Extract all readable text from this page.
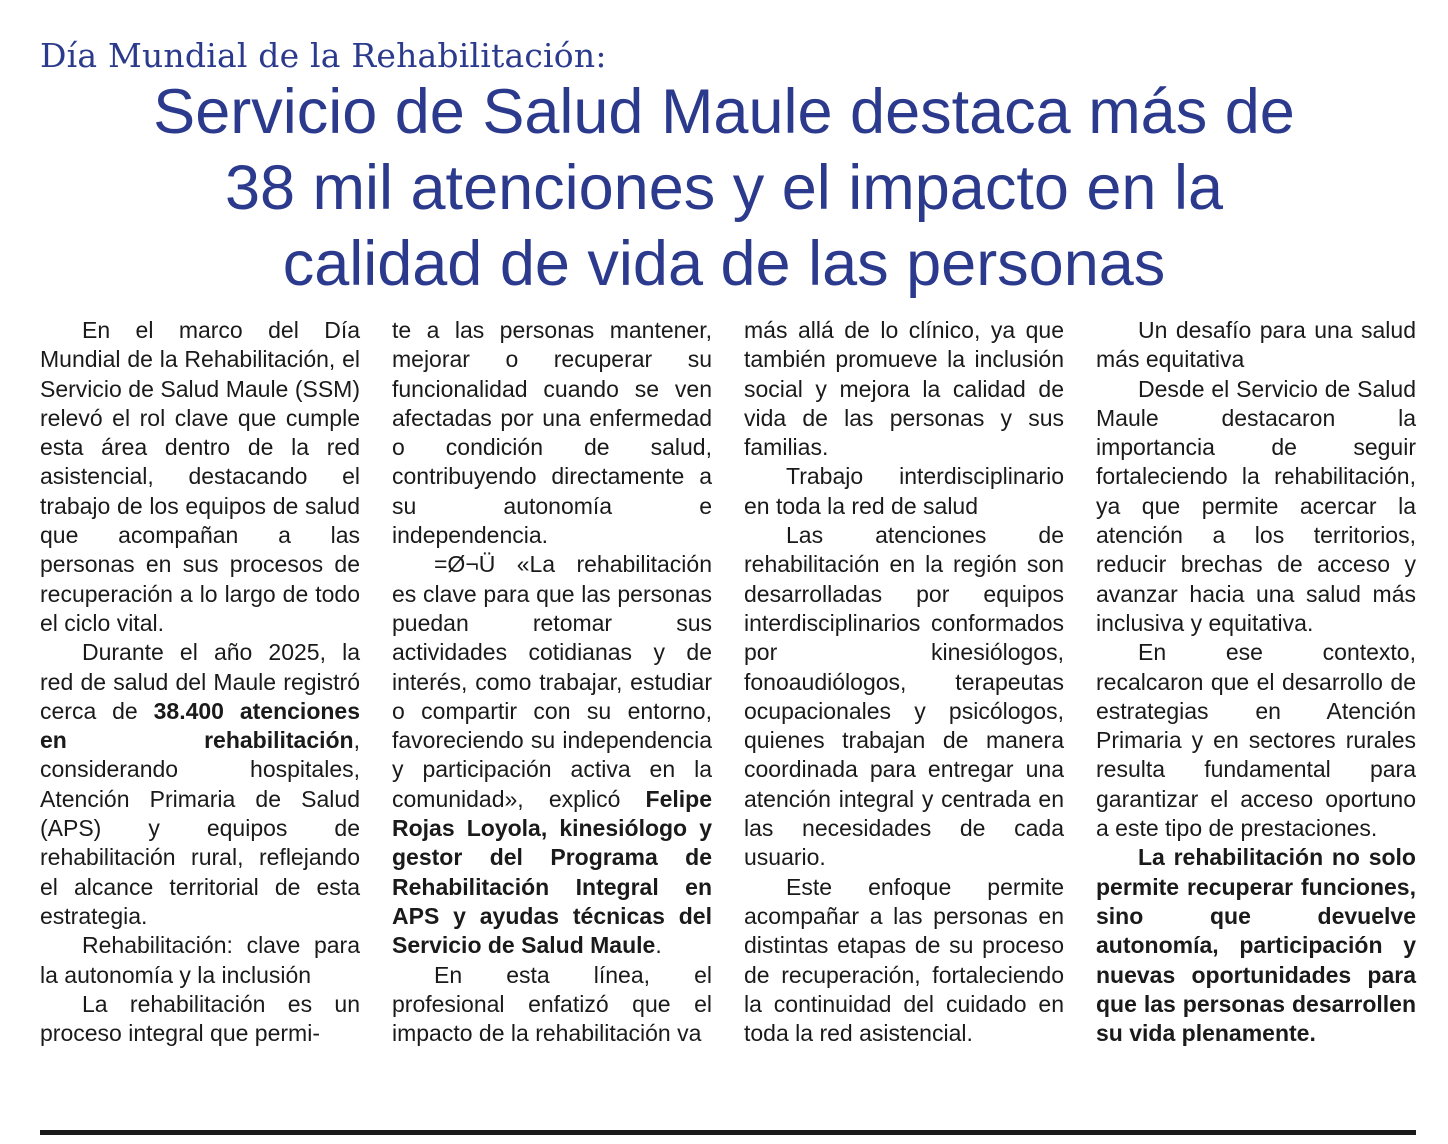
Día Mundial de la Rehabilitación:
Servicio de Salud Maule destaca más de
38 mil atenciones y el impacto en la
calidad de vida de las personas

En el marco del Día Mundial de la Rehabilitación, el Servicio de Salud Maule (SSM) relevó el rol clave que cumple esta área dentro de la red asistencial, destacando el trabajo de los equipos de salud que acompañan a las personas en sus procesos de recuperación a lo largo de todo el ciclo vital.

Durante el año 2025, la red de salud del Maule registró cerca de 38.400 atenciones en rehabilitación, considerando hospitales, Atención Primaria de Salud (APS) y equipos de rehabilitación rural, reflejando el alcance territorial de esta estrategia.

Rehabilitación: clave para la autonomía y la inclusión

La rehabilitación es un proceso integral que permi-

te a las personas mantener, mejorar o recuperar su funcionalidad cuando se ven afectadas por una enfermedad o condición de salud, contribuyendo directamente a su autonomía e independencia.

=Ø¬Ü «La rehabilitación es clave para que las personas puedan retomar sus actividades cotidianas y de interés, como trabajar, estudiar o compartir con su entorno, favoreciendo su independencia y participación activa en la comunidad», explicó Felipe Rojas Loyola, kinesiólogo y gestor del Programa de Rehabilitación Integral en APS y ayudas técnicas del Servicio de Salud Maule.

En esta línea, el profesional enfatizó que el impacto de la rehabilitación va

más allá de lo clínico, ya que también promueve la inclusión social y mejora la calidad de vida de las personas y sus familias.

Trabajo interdisciplinario en toda la red de salud

Las atenciones de rehabilitación en la región son desarrolladas por equipos interdisciplinarios conformados por kinesiólogos, fonoaudiólogos, terapeutas ocupacionales y psicólogos, quienes trabajan de manera coordinada para entregar una atención integral y centrada en las necesidades de cada usuario.

Este enfoque permite acompañar a las personas en distintas etapas de su proceso de recuperación, fortaleciendo la continuidad del cuidado en toda la red asistencial.

Un desafío para una salud más equitativa

Desde el Servicio de Salud Maule destacaron la importancia de seguir fortaleciendo la rehabilitación, ya que permite acercar la atención a los territorios, reducir brechas de acceso y avanzar hacia una salud más inclusiva y equitativa.

En ese contexto, recalcaron que el desarrollo de estrategias en Atención Primaria y en sectores rurales resulta fundamental para garantizar el acceso oportuno a este tipo de prestaciones.

La rehabilitación no solo permite recuperar funciones, sino que devuelve autonomía, participación y nuevas oportunidades para que las personas desarrollen su vida plenamente.
